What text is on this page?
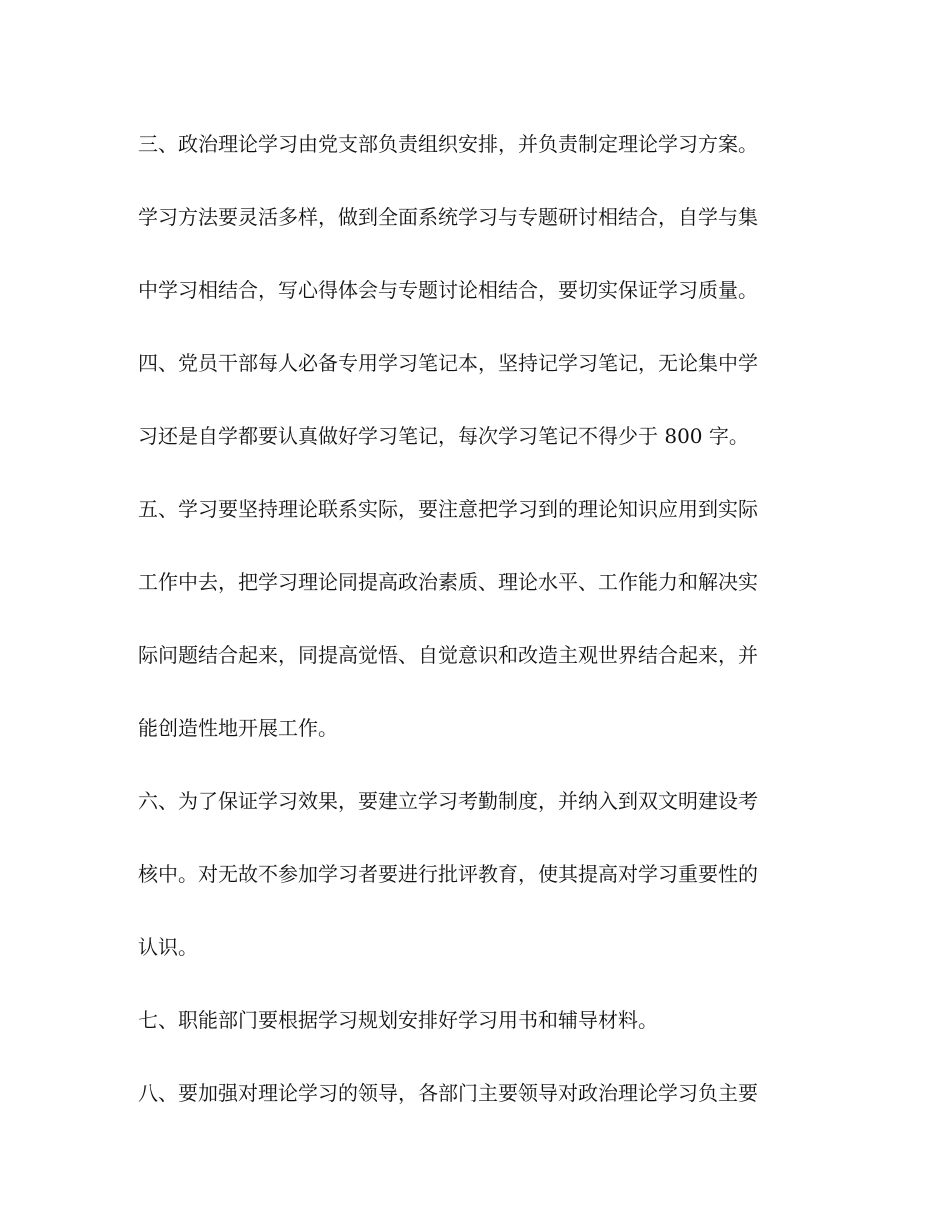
三、政治理论学习由党支部负责组织安排，并负责制定理论学习方案。
学习方法要灵活多样，做到全面系统学习与专题研讨相结合，自学与集
中学习相结合，写心得体会与专题讨论相结合，要切实保证学习质量。
四、党员干部每人必备专用学习笔记本，坚持记学习笔记，无论集中学
习还是自学都要认真做好学习笔记，每次学习笔记不得少于 800 字。
五、学习要坚持理论联系实际，要注意把学习到的理论知识应用到实际
工作中去，把学习理论同提高政治素质、理论水平、工作能力和解决实
际问题结合起来，同提高觉悟、自觉意识和改造主观世界结合起来，并
能创造性地开展工作。
六、为了保证学习效果，要建立学习考勤制度，并纳入到双文明建设考
核中。对无故不参加学习者要进行批评教育，使其提高对学习重要性的
认识。
七、职能部门要根据学习规划安排好学习用书和辅导材料。
八、要加强对理论学习的领导，各部门主要领导对政治理论学习负主要
